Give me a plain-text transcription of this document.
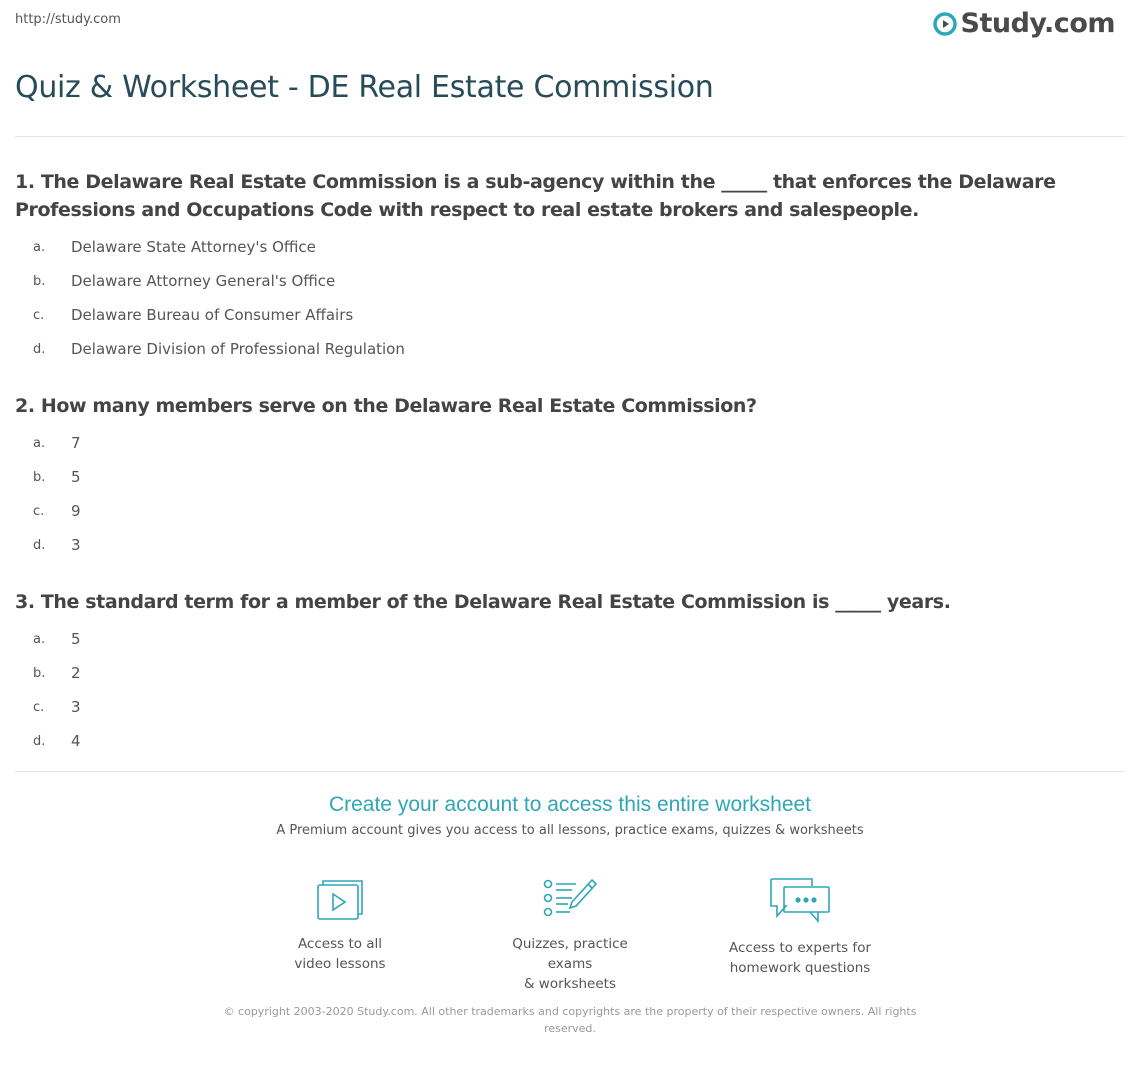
http://study.com	Study.com
Quiz & Worksheet - DE Real Estate Commission

1. The Delaware Real Estate Commission is a sub-agency within the _____ that enforces the Delaware Professions and Occupations Code with respect to real estate brokers and salespeople.

a.	Delaware State Attorney's Office
b.	Delaware Attorney General's Office
c.	Delaware Bureau of Consumer Affairs
d.	Delaware Division of Professional Regulation

2. How many members serve on the Delaware Real Estate Commission?

a.	7
b.	5
c.	9
d.	3

3. The standard term for a member of the Delaware Real Estate Commission is _____ years.

a.	5
b.	2
c.	3
d.	4
Create your account to access this entire worksheet
A Premium account gives you access to all lessons, practice exams, quizzes & worksheets
Access to all
video lessons
Quizzes, practice exams
& worksheets
Access to experts for
homework questions
© copyright 2003-2020 Study.com. All other trademarks and copyrights are the property of their respective owners. All rights reserved.
